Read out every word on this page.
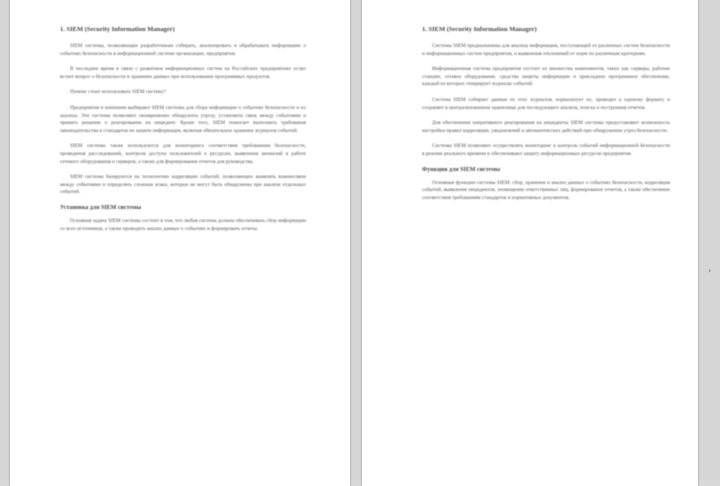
1. SIEM (Security Information Manager)

SIEM системы, позволяющие разработчикам собирать, анализировать и обрабатывать информацию о событиях безопасности в информационной системе организации, предприятия.

В последнее время в связи с развитием информационных систем на Российских предприятиях остро встает вопрос о безопасности и хранении данных при использовании программных продуктов.

Почему стоит использовать SIEM систему?

Предприятия и компании выбирают SIEM системы для сбора информации о событиях безопасности и их анализа. Эти системы позволяют своевременно обнаружить угрозу, установить связь между событиями и принять решение о реагировании на инцидент. Кроме того, SIEM помогает выполнить требования законодательства и стандартов по защите информации, включая обязательное хранение журналов событий.

SIEM системы также используются для мониторинга соответствия требованиям безопасности, проведения расследований, контроля доступа пользователей к ресурсам, выявления аномалий в работе сетевого оборудования и серверов, а также для формирования отчетов для руководства.

SIEM системы базируются на технологиях корреляции событий, позволяющих выявлять взаимосвязи между событиями и определять сложные атаки, которые не могут быть обнаружены при анализе отдельных событий.

Установка для SIEM системы

Основная задача SIEM системы состоит в том, что любая система должна обеспечивать сбор информации со всех источников, а также проводить анализ данных о событиях и формировать отчеты.

1. SIEM (Security Information Manager)

Системы SIEM предназначены для анализа информации, поступающей от различных систем безопасности и информационных систем предприятия, и выявления отклонений от норм по различным критериям.

Информационная система предприятия состоит из множества компонентов, таких как серверы, рабочие станции, сетевое оборудование, средства защиты информации и прикладное программное обеспечение, каждый из которых генерирует журналы событий.

Система SIEM собирает данные из этих журналов, нормализует их, приводит к единому формату и сохраняет в централизованном хранилище для последующего анализа, поиска и построения отчетов.

Для обеспечения оперативного реагирования на инциденты SIEM системы предоставляют возможность настройки правил корреляции, уведомлений и автоматических действий при обнаружении угроз безопасности.

Системы SIEM позволяют осуществлять мониторинг и контроль событий информационной безопасности в режиме реального времени и обеспечивают защиту информационных ресурсов предприятия.

Функции для SIEM системы

Основные функции системы SIEM: сбор, хранение и анализ данных о событиях безопасности, корреляция событий, выявление инцидентов, оповещение ответственных лиц, формирование отчетов, а также обеспечение соответствия требованиям стандартов и нормативных документов.

›
